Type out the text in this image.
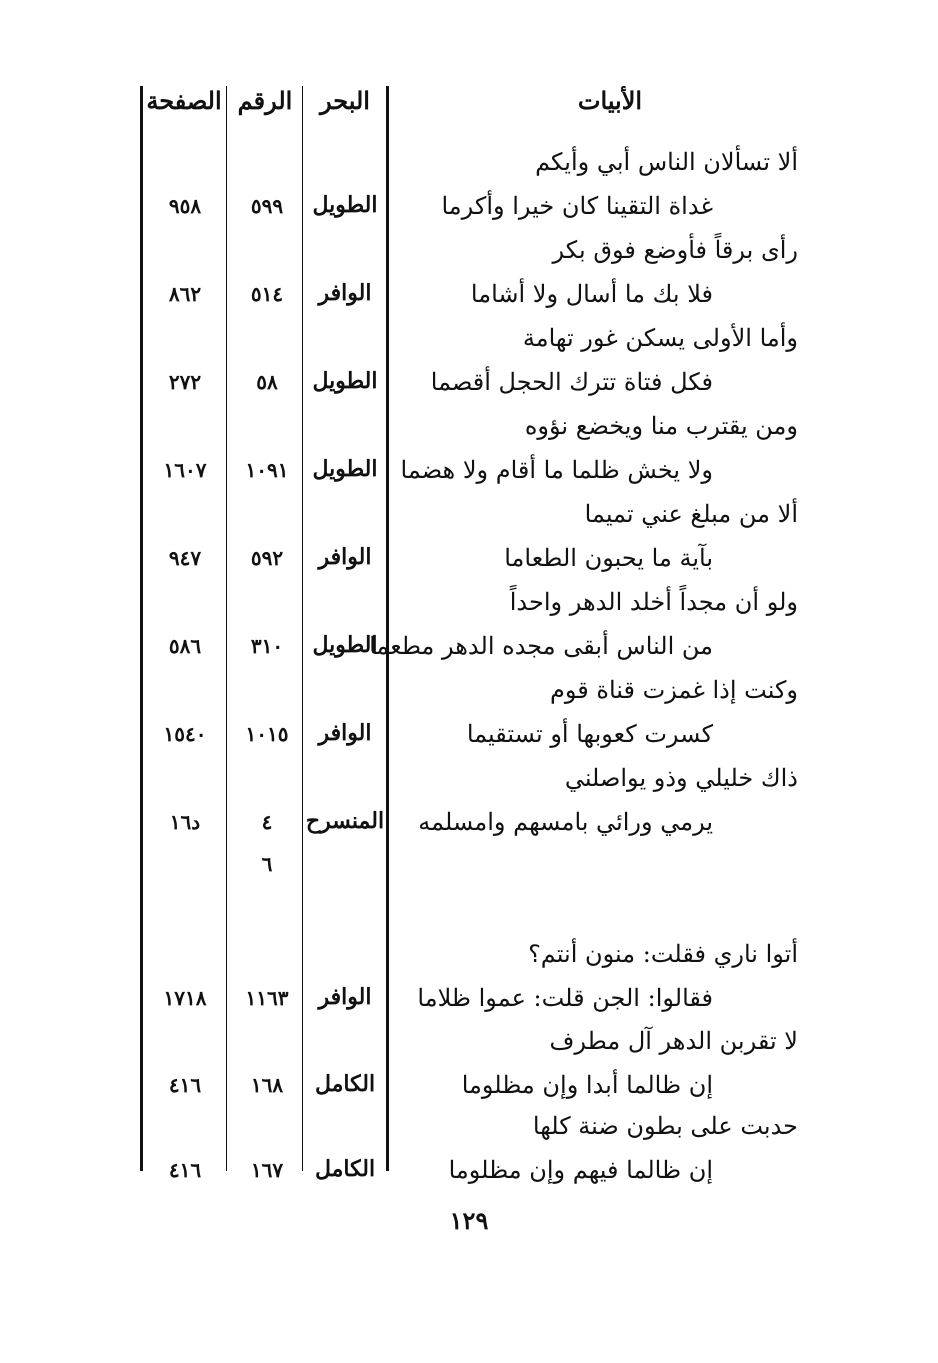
الأبيات
البحر
الرقم
الصفحة
ألا تسألان الناس أبي وأيكم
غداة التقينا كان خيرا وأكرما
الطويل
٥٩٩
٩٥٨
رأى برقاً فأوضع فوق بكر
فلا بك ما أسال ولا أشاما
الوافر
٥١٤
٨٦٢
وأما الأولى يسكن غور تهامة
فكل فتاة تترك الحجل أقصما
الطويل
٥٨
٢٧٢
ومن يقترب منا ويخضع نؤوه
ولا يخش ظلما ما أقام ولا هضما
الطويل
١٠٩١
١٦٠٧
ألا من مبلغ عني تميما
بآية ما يحبون الطعاما
الوافر
٥٩٢
٩٤٧
ولو أن مجداً أخلد الدهر واحداً
من الناس أبقى مجده الدهر مطعما
الطويل
٣١٠
٥٨٦
وكنت إذا غمزت قناة قوم
كسرت كعوبها أو تستقيما
الوافر
١٠١٥
١٥٤٠
ذاك خليلي وذو يواصلني
يرمي ورائي بامسهم وامسلمه
المنسرح
٤
٦
د١٦
أتوا ناري فقلت: منون أنتم؟
فقالوا: الجن قلت: عموا ظلاما
الوافر
١١٦٣
١٧١٨
لا تقربن الدهر آل مطرف
إن ظالما أبدا وإن مظلوما
الكامل
١٦٨
٤١٦
حدبت على بطون ضنة كلها
إن ظالما فيهم وإن مظلوما
الكامل
١٦٧
٤١٦
١٢٩
